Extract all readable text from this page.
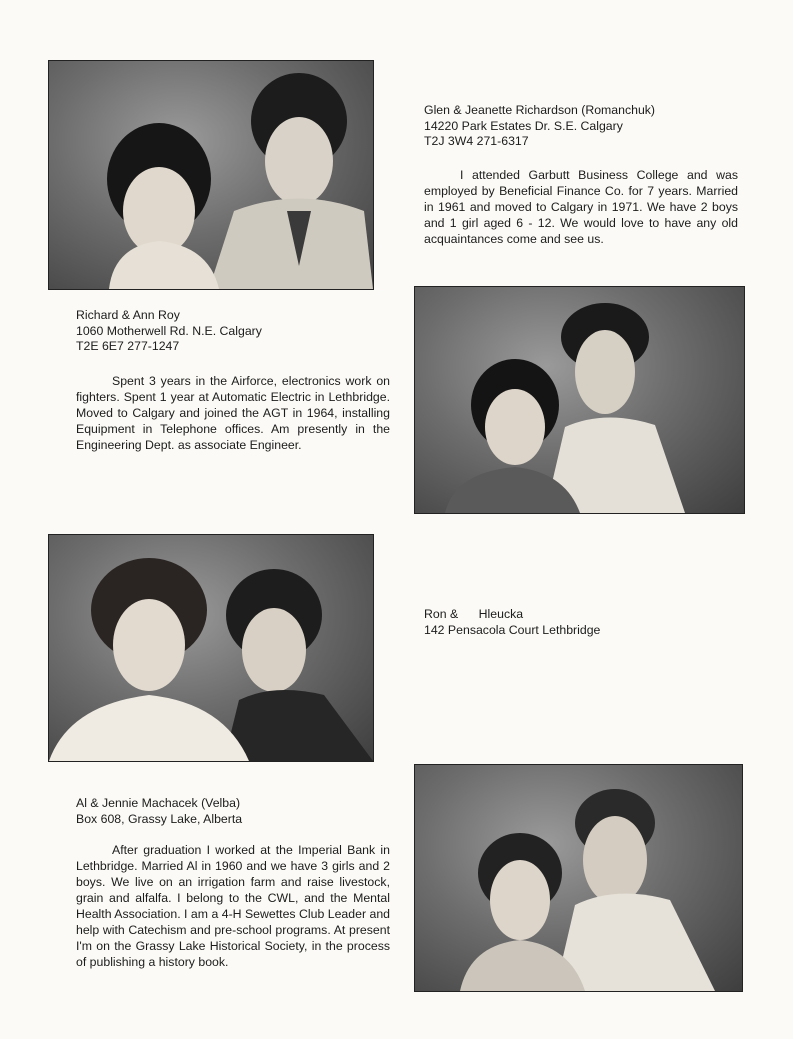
Glen & Jeanette Richardson (Romanchuk)
14220 Park Estates Dr. S.E. Calgary
T2J 3W4 271-6317
I attended Garbutt Business College and was employed by Beneficial Finance Co. for 7 years. Married in 1961 and moved to Calgary in 1971. We have 2 boys and 1 girl aged 6 - 12. We would love to have any old acquaintances come and see us.
Richard & Ann Roy
1060 Motherwell Rd. N.E. Calgary
T2E 6E7 277-1247
Spent 3 years in the Airforce, electronics work on fighters. Spent 1 year at Automatic Electric in Lethbridge. Moved to Calgary and joined the AGT in 1964, installing Equipment in Telephone offices. Am presently in the Engineering Dept. as associate Engineer.
Ron &      Hleucka
142 Pensacola Court Lethbridge
Al & Jennie Machacek (Velba)
Box 608, Grassy Lake, Alberta
After graduation I worked at the Imperial Bank in Lethbridge. Married Al in 1960 and we have 3 girls and 2 boys. We live on an irrigation farm and raise livestock, grain and alfalfa. I belong to the CWL, and the Mental Health Association. I am a 4-H Sewettes Club Leader and help with Catechism and pre-school programs. At present I'm on the Grassy Lake Historical Society, in the process of publishing a history book.
